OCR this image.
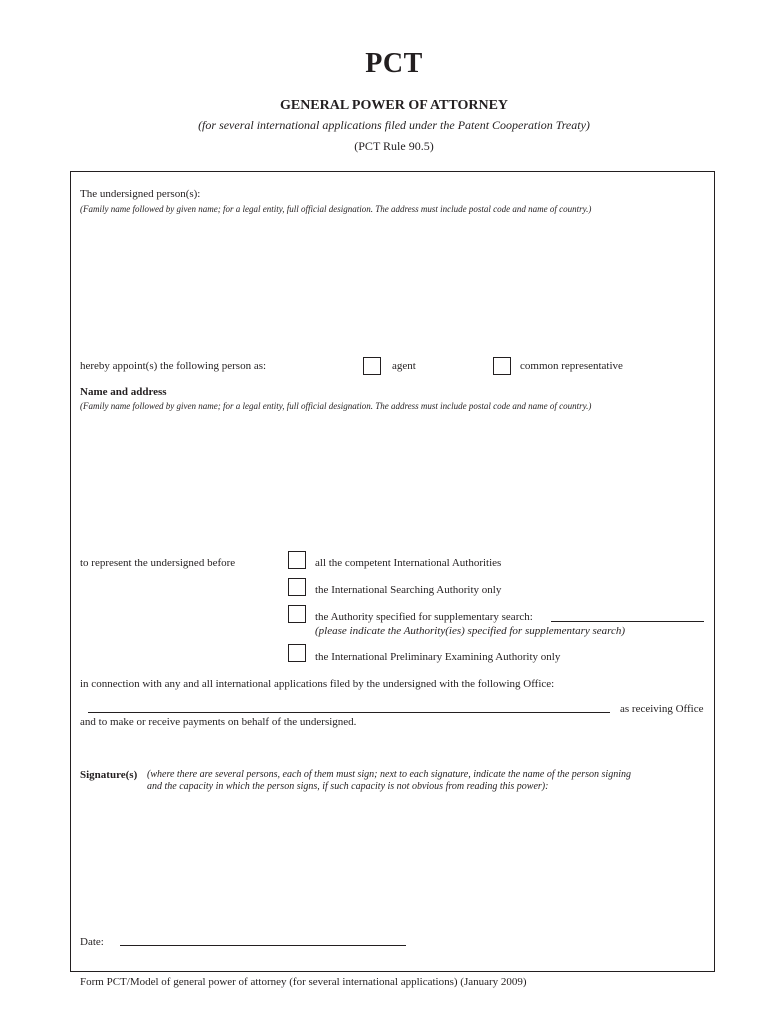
PCT
GENERAL POWER OF ATTORNEY
(for several international applications filed under the Patent Cooperation Treaty)
(PCT Rule 90.5)
The undersigned person(s):
(Family name followed by given name; for a legal entity, full official designation. The address must include postal code and name of country.)
hereby appoint(s) the following person as:	agent	common representative
Name and address
(Family name followed by given name; for a legal entity, full official designation. The address must include postal code and name of country.)
to represent the undersigned before	all the competent International Authorities
the International Searching Authority only
the Authority specified for supplementary search:
(please indicate the Authority(ies) specified for supplementary search)
the International Preliminary Examining Authority only
in connection with any and all international applications filed by the undersigned with the following Office:
as receiving Office
and to make or receive payments on behalf of the undersigned.
Signature(s) (where there are several persons, each of them must sign; next to each signature, indicate the name of the person signing
and the capacity in which the person signs, if such capacity is not obvious from reading this power):
Date:
Form PCT/Model of general power of attorney (for several international applications) (January 2009)
